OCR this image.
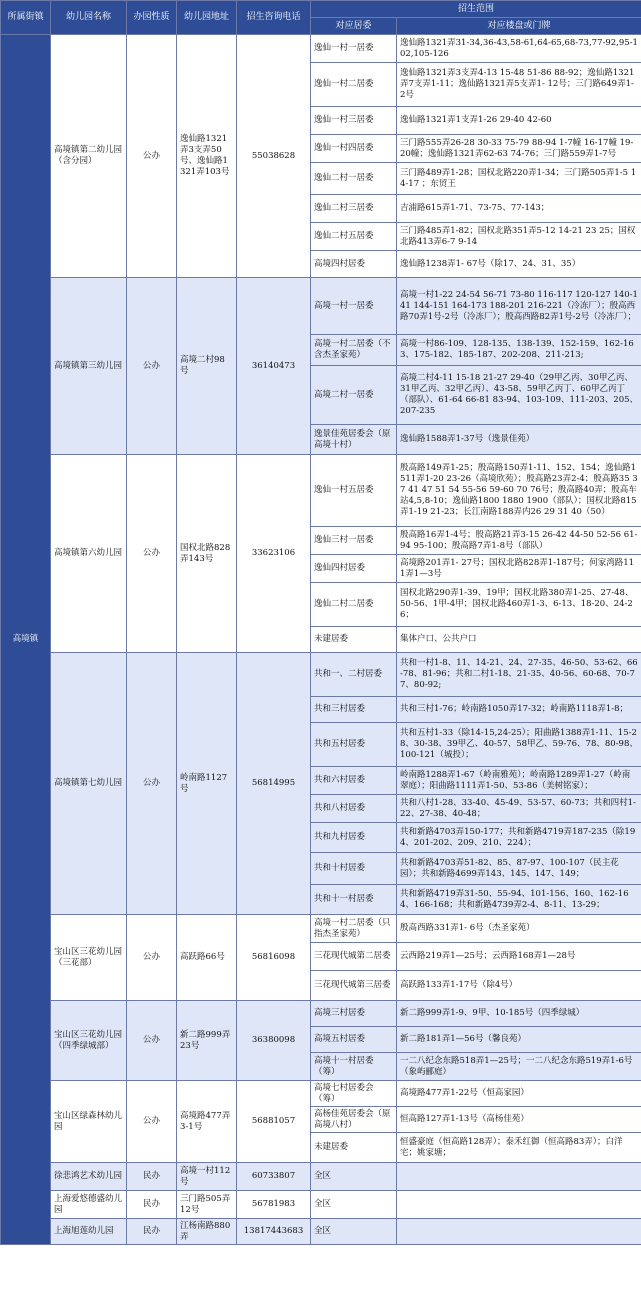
所属街镇	幼儿园名称	办园性质	幼儿园地址	招生咨询电话	招生范围	
					对应居委	对应楼盘或门牌
高境镇	高境镇第二幼儿园（含分园）	公办	逸仙路1321弄3支弄50号、逸仙路1321弄103号	55038628	逸仙一村一居委	逸仙路1321弄31-34,36-43,58-61,64-65,68-73,77-92,95-102,105-126
					逸仙一村二居委	逸仙路1321弄3支弄4-13 15-48 51-86 88-92；逸仙路1321弄7支弄1-11；逸仙路1321弄5支弄1- 12号；三门路649弄1-2号
					逸仙一村三居委	逸仙路1321弄1支弄1-26 29-40 42-60
					逸仙一村四居委	三门路555弄26-28 30-33 75-79 88-94 1-7幢 16-17幢 19-20幢；逸仙路1321弄62-63 74-76；三门路559弄1-7号
					逸仙二村一居委	三门路489弄1-28；国权北路220弄1-34；三门路505弄1-5 14-17 ；东贸王
					逸仙二村三居委	吉浦路615弄1-71、73-75、77-143；
					逸仙二村五居委	三门路485弄1-82；国权北路351弄5-12 14-21 23 25；国权北路413弄6-7 9-14
					高境四村居委	逸仙路1238弄1- 67号（除17、24、31、35）
	高境镇第三幼儿园	公办	高境二村98号	36140473	高境一村一居委	高境一村1-22 24-54 56-71 73-80 116-117 120-127 140-141 144-151 164-173 188-201 216-221（冷冻厂）；殷高西路70弄1号-2号（冷冻厂）；殷高西路82弄1号-2号（冷冻厂）；
					高境一村二居委（不含杰圣家苑）	高境一村86-109、128-135、138-139、152-159、162-163、175-182、185-187、202-208、211-213;
					高境二村一居委	高境二村4-11 15-18 21-27 29-40（29甲乙丙、30甲乙丙、31甲乙丙、32甲乙丙）、43-58、59甲乙丙丁、60甲乙丙丁（部队）、61-64 66-81 83-94、103-109、111-203、205、207-235
					逸景佳苑居委会（原高境十村）	逸仙路1588弄1-37号（逸景佳苑）
	高境镇第六幼儿园	公办	国权北路828弄143号	33623106	逸仙一村五居委	殷高路149弄1-25；殷高路150弄1-11、152、154；逸仙路1511弄1-20 23-26（高境欣苑）；殷高路23弄2-4；殷高路35 37 41 47 51 54 55-56 59-60 70 76号；殷高路40弄；殷高车站4,5,8-10；逸仙路1800 1880 1900（部队）；国权北路815弄1-19 21-23；长江南路188弄内26 29 31 40（50）
					逸仙三村一居委	殷高路16弄1-4号；殷高路21弄3-15 26-42 44-50 52-56 61-94 95-100；殷高路7弄1-8号（部队）
					逸仙四村居委	高境路201弄1- 27号；国权北路828弄1-187号；何家湾路111弄1—3号
					逸仙二村二居委	国权北路290弄1-39、19甲；国权北路380弄1-25、27-48、50-56、1甲-4甲；国权北路460弄1-3、6-13、18-20、24-26；
					未建居委	集体户口、公共户口
	高境镇第七幼儿园	公办	岭南路1127号	56814995	共和一、二村居委	共和一村1-8、11、14-21、24、27-35、46-50、53-62、66-78、81-96；共和二村1-18、21-35、40-56、60-68、70-77、80-92;
					共和三村居委	共和三村1-76；岭南路1050弄17-32；岭南路1118弄1-8；
					共和五村居委	共和五村1-33（除14-15,24-25）；阳曲路1388弄1-11、15-28、30-38、39甲乙、40-57、58甲乙、59-76、78、80-98、100-121（城投）；
					共和六村居委	岭南路1288弄1-67（岭南雅苑）；岭南路1289弄1-27（岭南翠庭）；阳曲路1111弄1-50、53-86（美树铭家）；
					共和八村居委	共和八村1-28、33-40、45-49、53-57、60-73；共和四村1-22、27-38、40-48；
					共和九村居委	共和新路4703弄150-177；共和新路4719弄187-235（除194、201-202、209、210、224）；
					共和十村居委	共和新路4703弄51-82、85、87-97、100-107（民主花园）；共和新路4699弄143、145、147、149；
					共和十一村居委	共和新路4719弄31-50、55-94、101-156、160、162-164、166-168；共和新路4739弄2-4、8-11、13-29；
	宝山区三花幼儿园（三花部）	公办	高跃路66号	56816098	高境一村二居委（只指杰圣家苑）	殷高西路331弄1- 6号（杰圣家苑）
					三花现代城第二居委	云西路219弄1—25号；云西路168弄1—28号
					三花现代城第三居委	高跃路133弄1-17号（除4号）
	宝山区三花幼儿园（四季绿城部）	公办	新二路999弄23号	36380098	高境三村居委	新二路999弄1-9、9甲、10-185号（四季绿城）
					高境五村居委	新二路181弄1—56号（馨良苑）
					高境十一村居委（筹）	一二八纪念东路518弄1—25号；一二八纪念东路519弄1-6号（象屿郦庭）
	宝山区绿森林幼儿园	公办	高境路477弄3-1号	56881057	高境七村居委会（筹）	高境路477弄1-22号（恒高家园）
					高杨佳苑居委会（原高境八村）	恒高路127弄1-13号（高杨佳苑）
					未建居委	恒盛豪庭（恒高路128弄）；泰禾红御（恒高路83弄）；白洋宅；姚家塘；
	徐悲鸿艺术幼儿园	民办	高境一村112号	60733807	全区	
	上海爱悠德盛幼儿园	民办	三门路505弄12号	56781983	全区	
	上海旭莲幼儿园	民办	江杨南路880弄	13817443683	全区	
